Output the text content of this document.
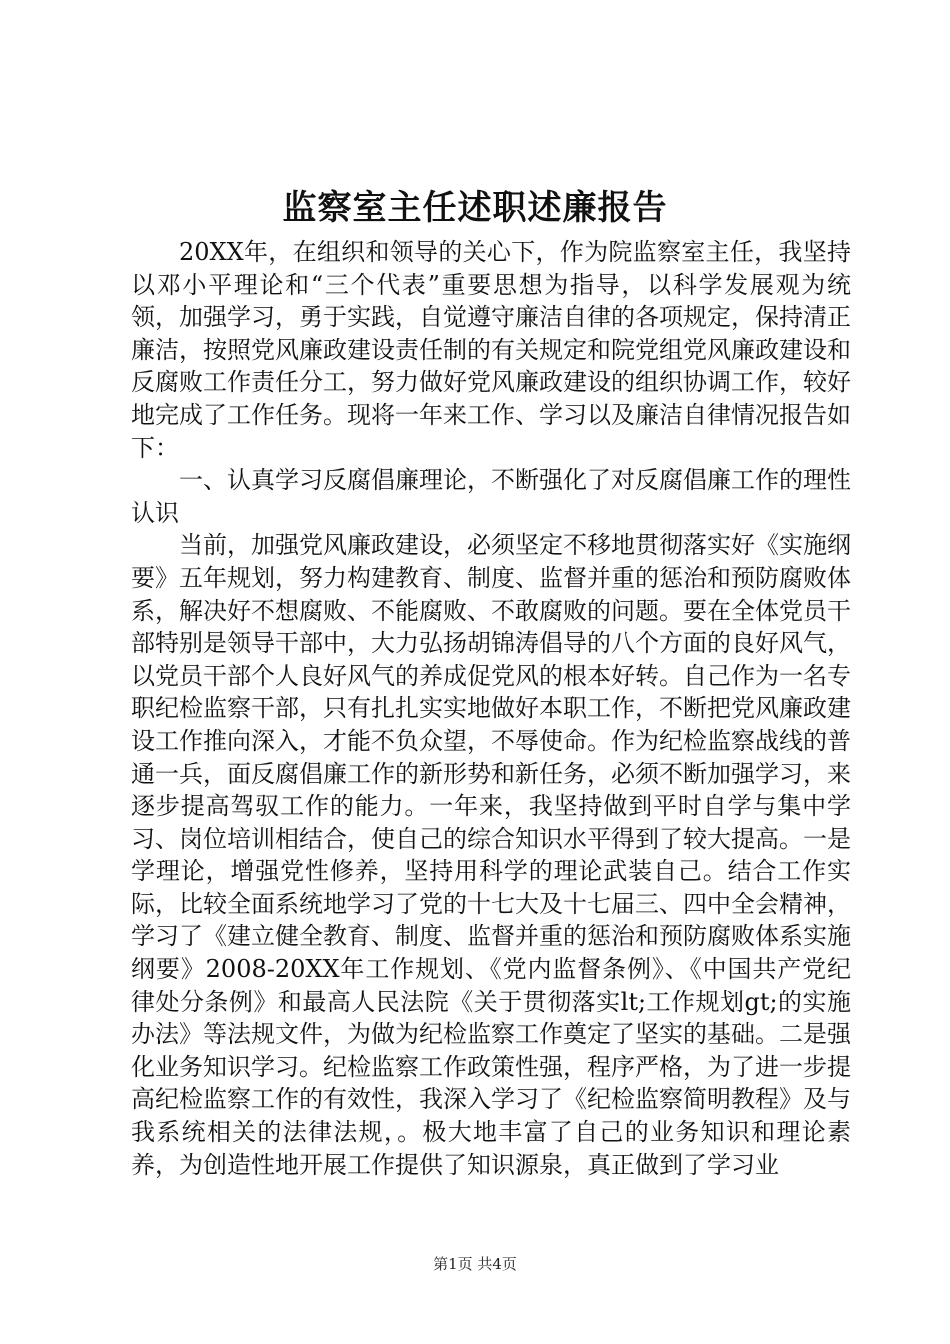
监察室主任述职述廉报告

20XX年，在组织和领导的关心下，作为院监察室主任，我坚持以邓小平理论和“三个代表”重要思想为指导，以科学发展观为统领，加强学习，勇于实践，自觉遵守廉洁自律的各项规定，保持清正廉洁，按照党风廉政建设责任制的有关规定和院党组党风廉政建设和反腐败工作责任分工，努力做好党风廉政建设的组织协调工作，较好地完成了工作任务。现将一年来工作、学习以及廉洁自律情况报告如下：

一、认真学习反腐倡廉理论，不断强化了对反腐倡廉工作的理性认识

当前，加强党风廉政建设，必须坚定不移地贯彻落实好《实施纲要》五年规划，努力构建教育、制度、监督并重的惩治和预防腐败体系，解决好不想腐败、不能腐败、不敢腐败的问题。要在全体党员干部特别是领导干部中，大力弘扬胡锦涛倡导的八个方面的良好风气，以党员干部个人良好风气的养成促党风的根本好转。自己作为一名专职纪检监察干部，只有扎扎实实地做好本职工作，不断把党风廉政建设工作推向深入，才能不负众望，不辱使命。作为纪检监察战线的普通一兵，面反腐倡廉工作的新形势和新任务，必须不断加强学习，来逐步提高驾驭工作的能力。一年来，我坚持做到平时自学与集中学习、岗位培训相结合，使自己的综合知识水平得到了较大提高。一是学理论，增强党性修养，坚持用科学的理论武装自己。结合工作实际，比较全面系统地学习了党的十七大及十七届三、四中全会精神，学习了《建立健全教育、制度、监督并重的惩治和预防腐败体系实施纲要》2008-20XX年工作规划、《党内监督条例》、《中国共产党纪律处分条例》和最高人民法院《关于贯彻落实lt;工作规划gt;的实施办法》等法规文件，为做为纪检监察工作奠定了坚实的基础。二是强化业务知识学习。纪检监察工作政策性强，程序严格，为了进一步提高纪检监察工作的有效性，我深入学习了《纪检监察简明教程》及与我系统相关的法律法规，。极大地丰富了自己的业务知识和理论素养，为创造性地开展工作提供了知识源泉，真正做到了学习业

第1页 共4页
